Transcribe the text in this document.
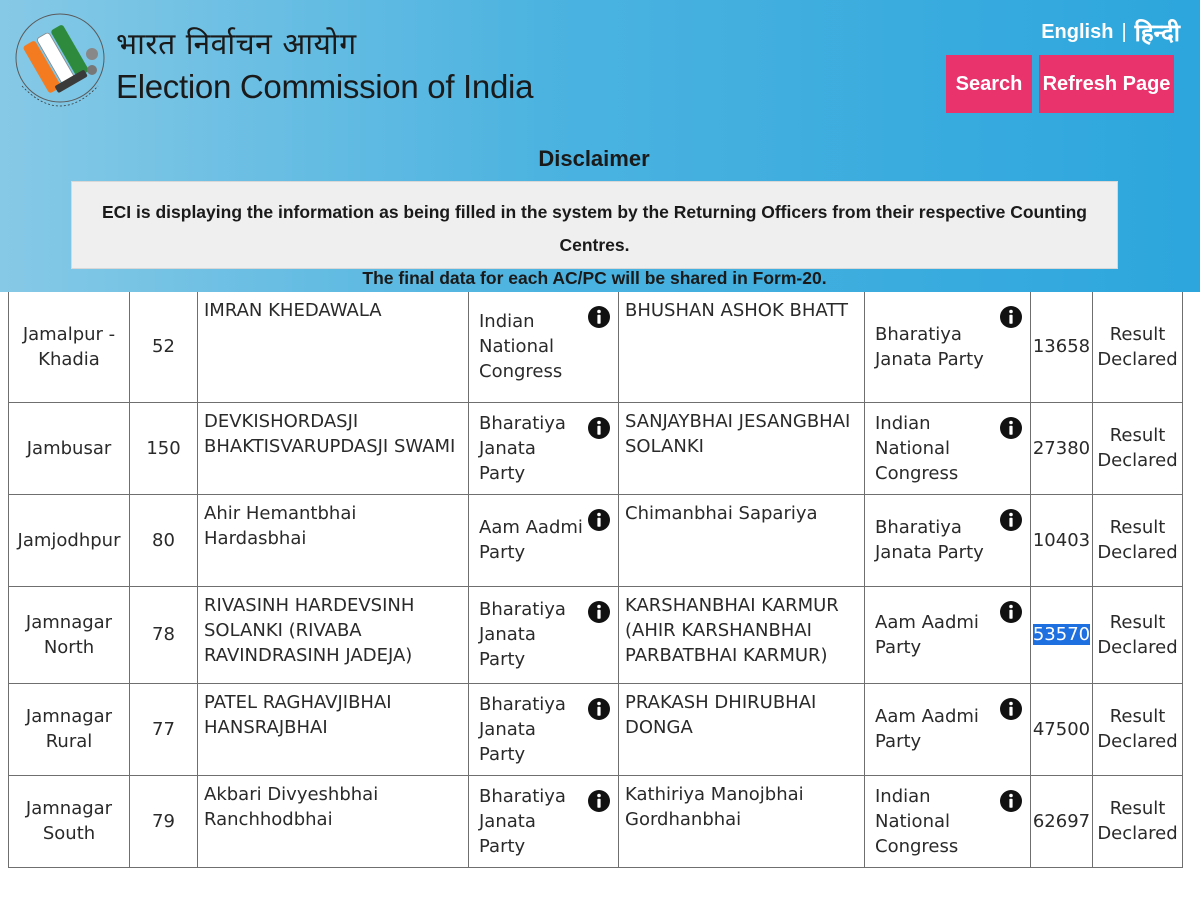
भारत निर्वाचन आयोग
Election Commission of India
English | हिन्दी
Search	Refresh Page
Disclaimer
ECI is displaying the information as being filled in the system by the Returning Officers from their respective Counting Centres.
The final data for each AC/PC will be shared in Form-20.
Jamalpur - Khadia	52	IMRAN KHEDAWALA	Indian National Congress	BHUSHAN ASHOK BHATT	Bharatiya Janata Party	13658	Result Declared
Jambusar	150	DEVKISHORDASJI BHAKTISVARUPDASJI SWAMI	Bharatiya Janata Party	SANJAYBHAI JESANGBHAI SOLANKI	Indian National Congress	27380	Result Declared
Jamjodhpur	80	Ahir Hemantbhai Hardasbhai	Aam Aadmi Party	Chimanbhai Sapariya	Bharatiya Janata Party	10403	Result Declared
Jamnagar North	78	RIVASINH HARDEVSINH SOLANKI (RIVABA RAVINDRASINH JADEJA)	Bharatiya Janata Party	KARSHANBHAI KARMUR (AHIR KARSHANBHAI PARBATBHAI KARMUR)	Aam Aadmi Party	53570	Result Declared
Jamnagar Rural	77	PATEL RAGHAVJIBHAI HANSRAJBHAI	Bharatiya Janata Party	PRAKASH DHIRUBHAI DONGA	Aam Aadmi Party	47500	Result Declared
Jamnagar South	79	Akbari Divyeshbhai Ranchhodbhai	Bharatiya Janata Party	Kathiriya Manojbhai Gordhanbhai	Indian National Congress	62697	Result Declared
